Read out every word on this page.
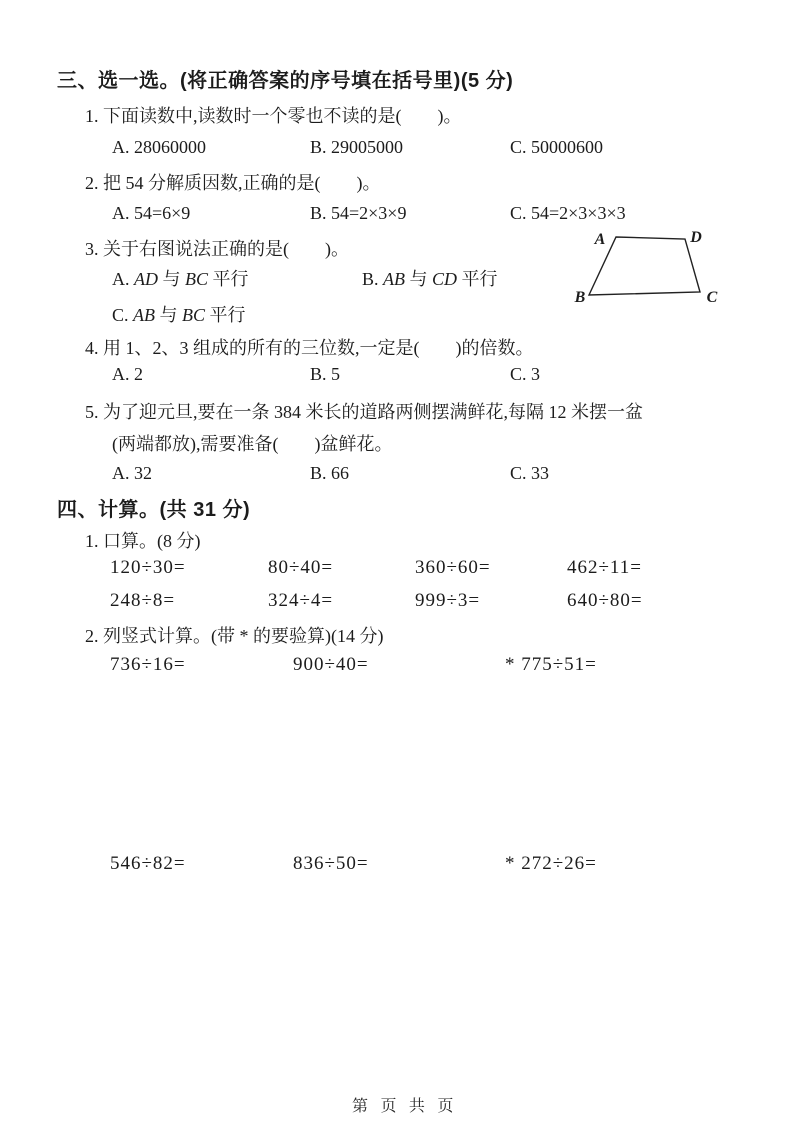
三、选一选。(将正确答案的序号填在括号里)(5 分)
1. 下面读数中,读数时一个零也不读的是(　　)。
A. 28060000	B. 29005000	C. 50000600
2. 把 54 分解质因数,正确的是(　　)。
A. 54=6×9	B. 54=2×3×9	C. 54=2×3×3×3
3. 关于右图说法正确的是(　　)。
A. AD 与 BC 平行	B. AB 与 CD 平行
C. AB 与 BC 平行
A	D
B	C
4. 用 1、2、3 组成的所有的三位数,一定是(　　)的倍数。
A. 2	B. 5	C. 3
5. 为了迎元旦,要在一条 384 米长的道路两侧摆满鲜花,每隔 12 米摆一盆
(两端都放),需要准备(　　)盆鲜花。
A. 32	B. 66	C. 33
四、计算。(共 31 分)
1. 口算。(8 分)
120÷30=	80÷40=	360÷60=	462÷11=
248÷8=	324÷4=	999÷3=	640÷80=
2. 列竖式计算。(带 * 的要验算)(14 分)
736÷16=	900÷40=	* 775÷51=
546÷82=	836÷50=	* 272÷26=
第 页 共 页
